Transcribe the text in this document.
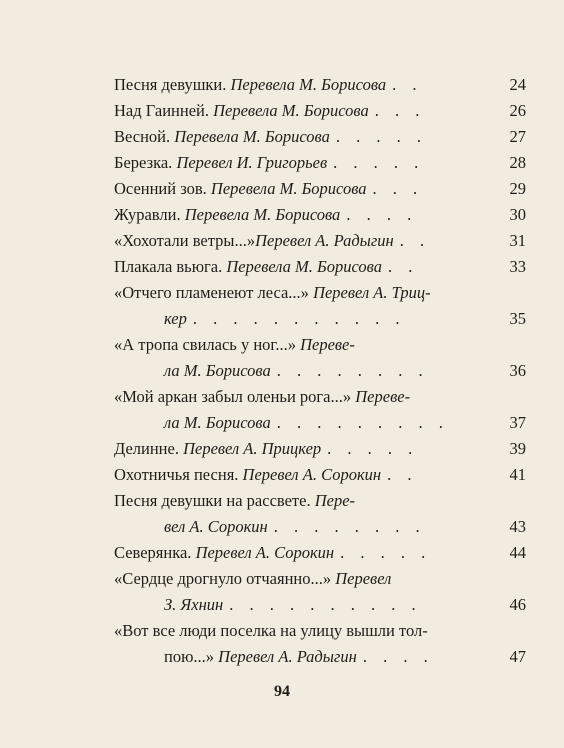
Песня девушки.
Перевела М. Борисова . .	24
Над Гаинней.
Перевела М. Борисова . . .	26
Весной.
Перевела М. Борисова . . . . .	27
Березка.
Перевел И. Григорьев . . . . .	28
Осенний зов.
Перевела М. Борисова . . .	29
Журавли.
Перевела М. Борисова . . . .	30
«Хохотали ветры...» Перевел А. Радыгин . .	31
Плакала вьюга.
Перевела М. Борисова . .	33
«Отчего пламенеют леса...»
Перевел А. Триц-
кер . . . . . . . . . . .	35
«А тропа свилась у ног...»
Переве-
ла М. Борисова . . . . . . . .	36
«Мой аркан забыл оленьи рога...»
Переве-
ла М. Борисова . . . . . . . . .	37
Делинне.
Перевел А. Прицкер . . . . .	39
Охотничья песня.
Перевел А. Сорокин . .	41
Песня девушки на рассвете.
Пере-
вел А. Сорокин . . . . . . . .	43
Северянка.
Перевел А. Сорокин . . . . .	44
«Сердце дрогнуло отчаянно...»
Перевел
З. Яхнин . . . . . . . . . .	46
«Вот все люди поселка на улицу вышли тол-
пою...»
Перевел А. Радыгин . . . .	47
94
